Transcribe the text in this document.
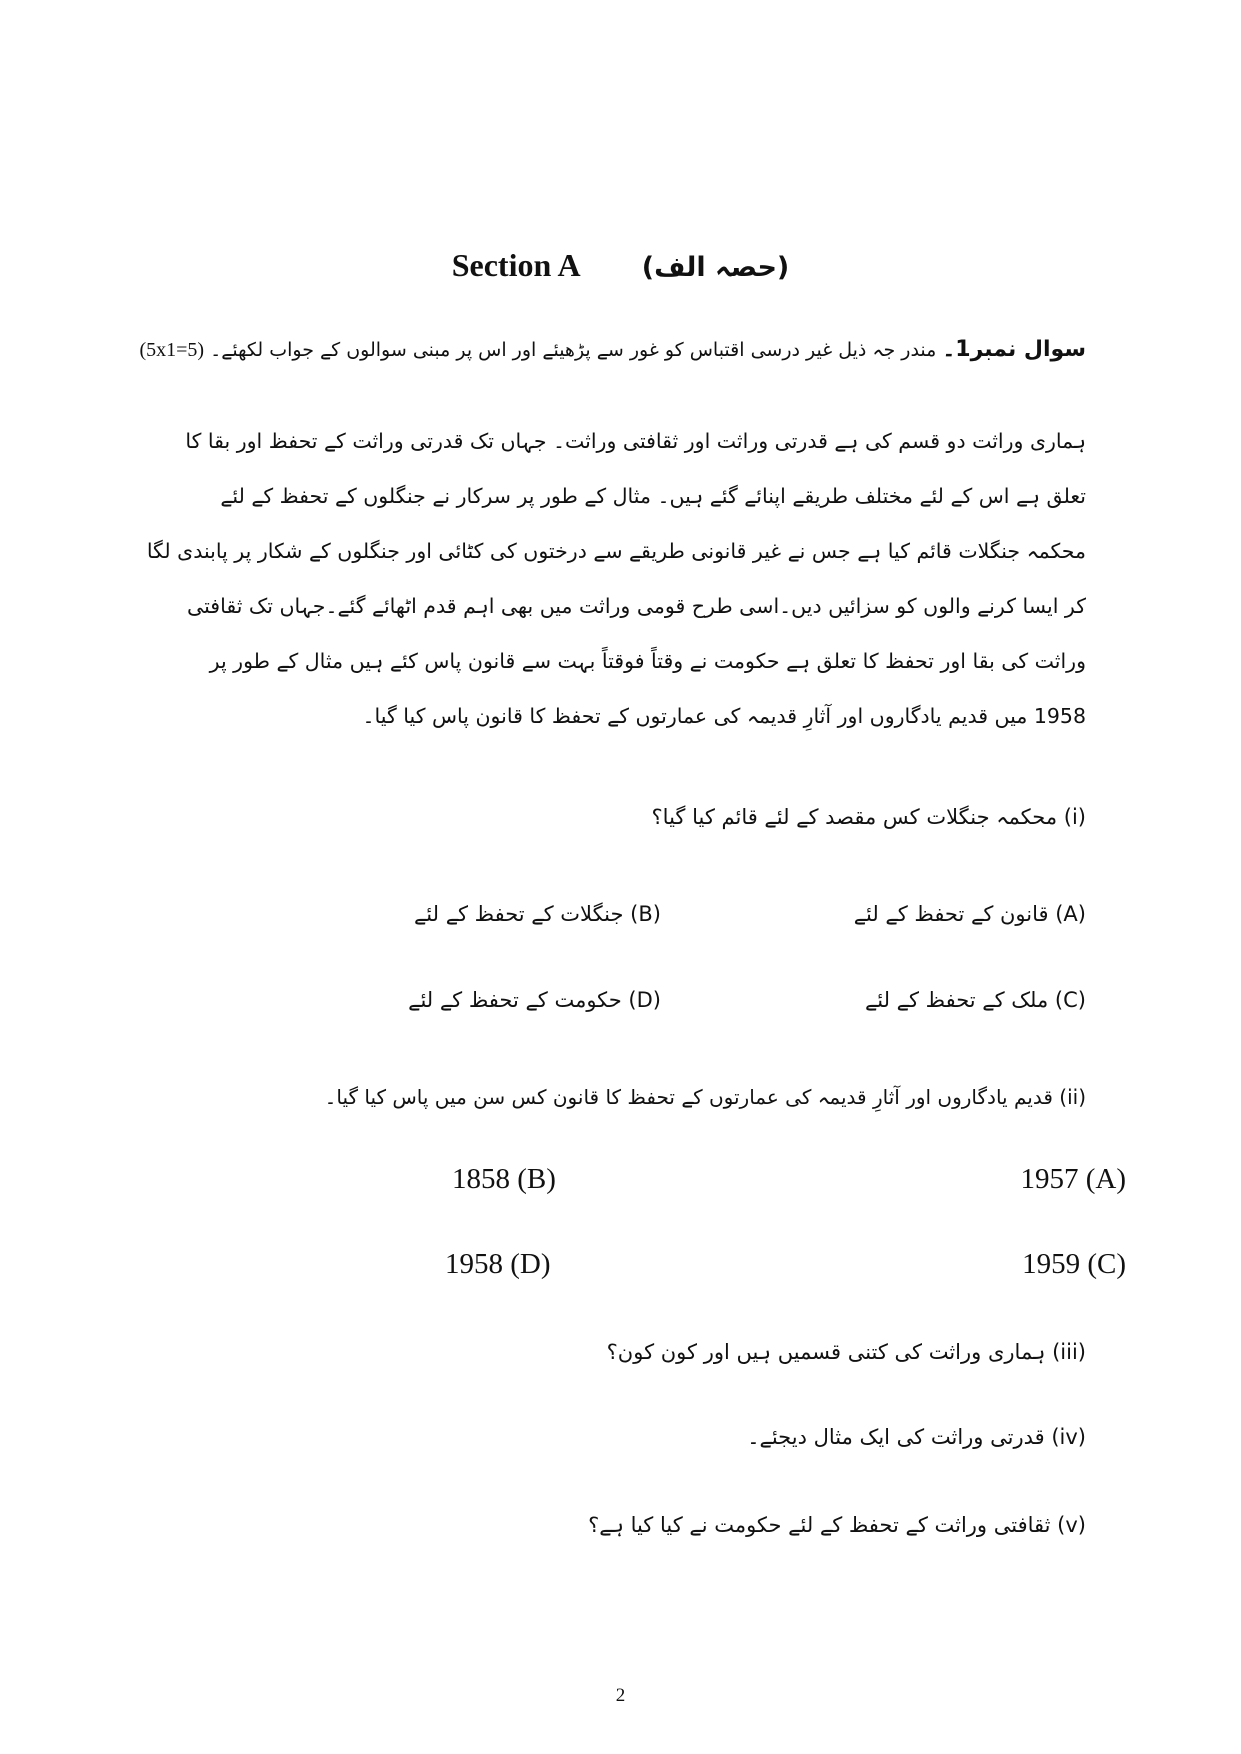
Section A (حصہ الف)
سوال نمبر1۔ مندر جہ ذیل غیر درسی اقتباس کو غور سے پڑھیئے اور اس پر مبنی سوالوں کے جواب لکھئے۔ (5x1=5)
ہماری وراثت دو قسم کی ہے قدرتی وراثت اور ثقافتی وراثت۔ جہاں تک قدرتی وراثت کے تحفظ اور بقا کا
تعلق ہے اس کے لئے مختلف طریقے اپنائے گئے ہیں۔ مثال کے طور پر سرکار نے جنگلوں کے تحفظ کے لئے
محکمہ جنگلات قائم کیا ہے جس نے غیر قانونی طریقے سے درختوں کی کٹائی اور جنگلوں کے شکار پر پابندی لگا
کر ایسا کرنے والوں کو سزائیں دیں۔اسی طرح قومی وراثت میں بھی اہم قدم اٹھائے گئے۔جہاں تک ثقافتی
وراثت کی بقا اور تحفظ کا تعلق ہے حکومت نے وقتاً فوقتاً بہت سے قانون پاس کئے ہیں مثال کے طور پر
1958 میں قدیم یادگاروں اور آثارِ قدیمہ کی عمارتوں کے تحفظ کا قانون پاس کیا گیا۔
(i) محکمہ جنگلات کس مقصد کے لئے قائم کیا گیا؟
(A) قانون کے تحفظ کے لئے
(B) جنگلات کے تحفظ کے لئے
(C) ملک کے تحفظ کے لئے
(D) حکومت کے تحفظ کے لئے
(ii) قدیم یادگاروں اور آثارِ قدیمہ کی عمارتوں کے تحفظ کا قانون کس سن میں پاس کیا گیا۔
1957 (A)
1858 (B)
1959 (C)
1958 (D)
(iii) ہماری وراثت کی کتنی قسمیں ہیں اور کون کون؟
(iv) قدرتی وراثت کی ایک مثال دیجئے۔
(v) ثقافتی وراثت کے تحفظ کے لئے حکومت نے کیا کیا ہے؟
2
